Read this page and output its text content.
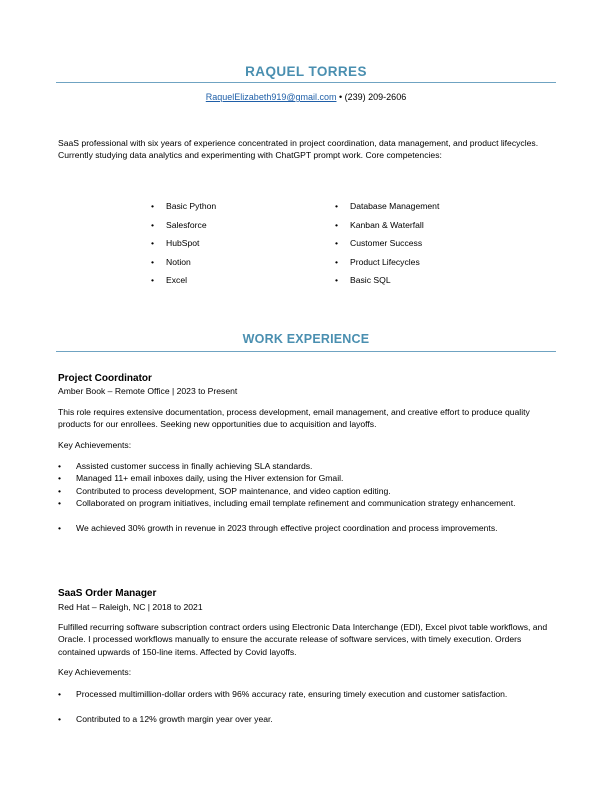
RAQUEL TORRES
RaquelElizabeth919@gmail.com • (239) 209-2606
SaaS professional with six years of experience concentrated in project coordination, data management, and product lifecycles. Currently studying data analytics and experimenting with ChatGPT prompt work. Core competencies:
• Basic Python
• Salesforce
• HubSpot
• Notion
• Excel
• Database Management
• Kanban & Waterfall
• Customer Success
• Product Lifecycles
• Basic SQL
WORK EXPERIENCE
Project Coordinator
Amber Book – Remote Office | 2023 to Present
This role requires extensive documentation, process development, email management, and creative effort to produce quality products for our enrollees. Seeking new opportunities due to acquisition and layoffs.
Key Achievements:
• Assisted customer success in finally achieving SLA standards.
• Managed 11+ email inboxes daily, using the Hiver extension for Gmail.
• Contributed to process development, SOP maintenance, and video caption editing.
• Collaborated on program initiatives, including email template refinement and communication strategy enhancement.
• We achieved 30% growth in revenue in 2023 through effective project coordination and process improvements.
SaaS Order Manager
Red Hat – Raleigh, NC | 2018 to 2021
Fulfilled recurring software subscription contract orders using Electronic Data Interchange (EDI), Excel pivot table workflows, and Oracle. I processed workflows manually to ensure the accurate release of software services, with timely execution. Orders contained upwards of 150-line items. Affected by Covid layoffs.
Key Achievements:
• Processed multimillion-dollar orders with 96% accuracy rate, ensuring timely execution and customer satisfaction.
• Contributed to a 12% growth margin year over year.
